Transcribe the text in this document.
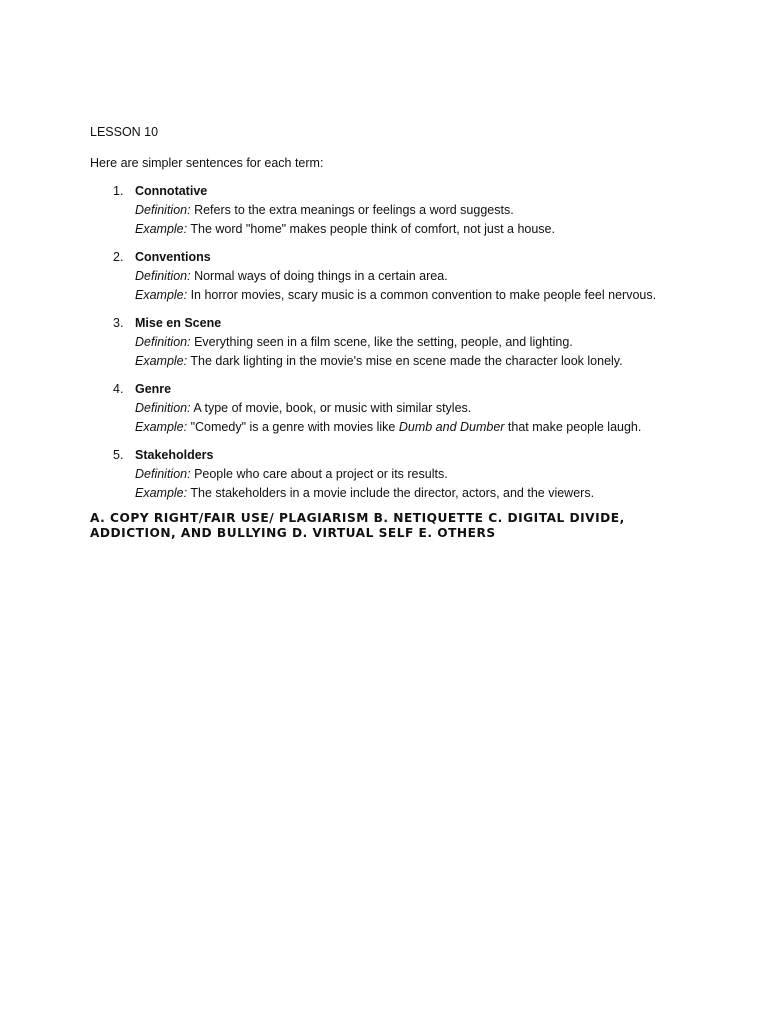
LESSON 10

Here are simpler sentences for each term:

1. Connotative
Definition: Refers to the extra meanings or feelings a word suggests.
Example: The word "home" makes people think of comfort, not just a house.
2. Conventions
Definition: Normal ways of doing things in a certain area.
Example: In horror movies, scary music is a common convention to make people feel nervous.
3. Mise en Scene
Definition: Everything seen in a film scene, like the setting, people, and lighting.
Example: The dark lighting in the movie's mise en scene made the character look lonely.
4. Genre
Definition: A type of movie, book, or music with similar styles.
Example: "Comedy" is a genre with movies like Dumb and Dumber that make people laugh.
5. Stakeholders
Definition: People who care about a project or its results.
Example: The stakeholders in a movie include the director, actors, and the viewers.

A. COPY RIGHT/FAIR USE/ PLAGIARISM B. NETIQUETTE C. DIGITAL DIVIDE, ADDICTION, AND BULLYING D. VIRTUAL SELF E. OTHERS
